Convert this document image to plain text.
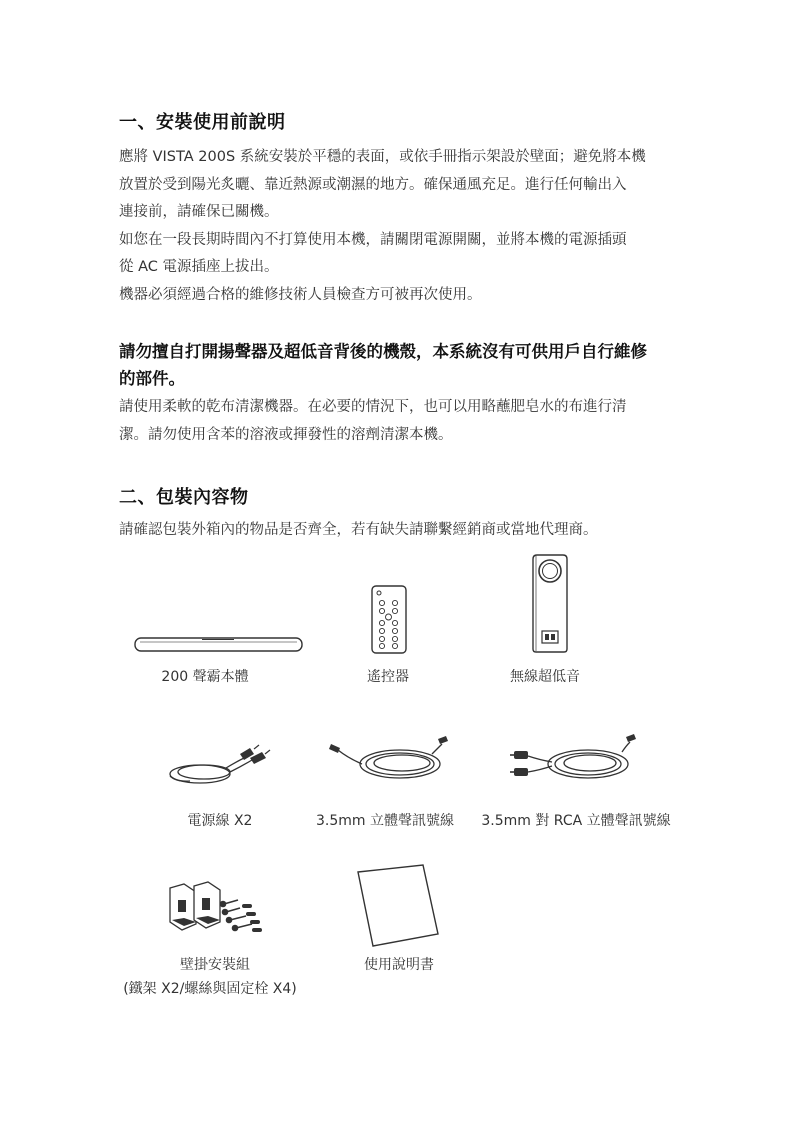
一、安裝使用前說明
應將 VISTA 200S 系統安裝於平穩的表面，或依手冊指示架設於壁面；避免將本機
放置於受到陽光炙曬、靠近熱源或潮濕的地方。確保通風充足。進行任何輸出入
連接前，請確保已關機。
如您在一段長期時間內不打算使用本機，請關閉電源開關，並將本機的電源插頭
從 AC 電源插座上拔出。
機器必須經過合格的維修技術人員檢查方可被再次使用。
請勿擅自打開揚聲器及超低音背後的機殼，本系統沒有可供用戶自行維修
的部件。
請使用柔軟的乾布清潔機器。在必要的情況下，也可以用略蘸肥皂水的布進行清
潔。請勿使用含苯的溶液或揮發性的溶劑清潔本機。
二、包裝內容物
請確認包裝外箱內的物品是否齊全，若有缺失請聯繫經銷商或當地代理商。
200 聲霸本體	遙控器	無線超低音
電源線 X2	3.5mm 立體聲訊號線	3.5mm 對 RCA 立體聲訊號線
壁掛安裝組
(鐵架 X2/螺絲與固定栓 X4)
使用說明書
